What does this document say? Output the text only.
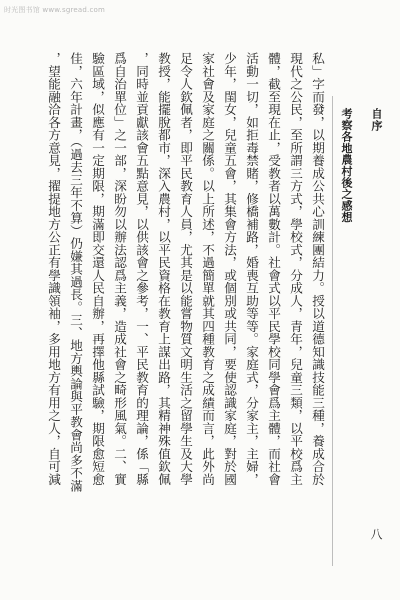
时光图书馆 www.sgread.com
自序
考察各地農村後之感想
八
私」字而發，以期養成公共心訓練團結力。授以道德知識技能三種，養成合於
現代之公民，至所謂三方式，學校式，分成人，青年，兒童三類，以平校爲主
體，截至現在止，受教者以萬數計。社會式以平民學校同學會爲主體，而社會
活動一切，如拒毒禁賭，修橋補路，婚喪互助等等。家庭式，分家主，主婦，
少年，閨女，兒童五會，其集會方法，或個別或共同，要使認識家庭，對於國
家社會及家庭之關係。以上所述，不過簡單就其四種教育之成績而言，此外尚
足令人欽佩者，即平民教育人員，尤其是以能嘗物質文明生活之留學生及大學
教授，能擺脫都市，深入農村，以平民資格在教育上謀出路，其精神殊值欽佩
，同時並貢獻該會五點意見，以供該會之參考，一、平民教育的理論，係「縣
爲自治單位」之一部，深盼勿以辦法認爲主義，造成社會之畸形風氣。二、實
驗區域，似應有一定期限，期滿即交還人民自辦，再擇他縣試驗，期限愈短愈
佳，六年計畫，（過去三年不算）仍嫌其過長。三、地方輿論與平教會尚多不滿
，望能融洽各方意見，擢提地方公正有學識領袖，多用地方有用之人，自可減
